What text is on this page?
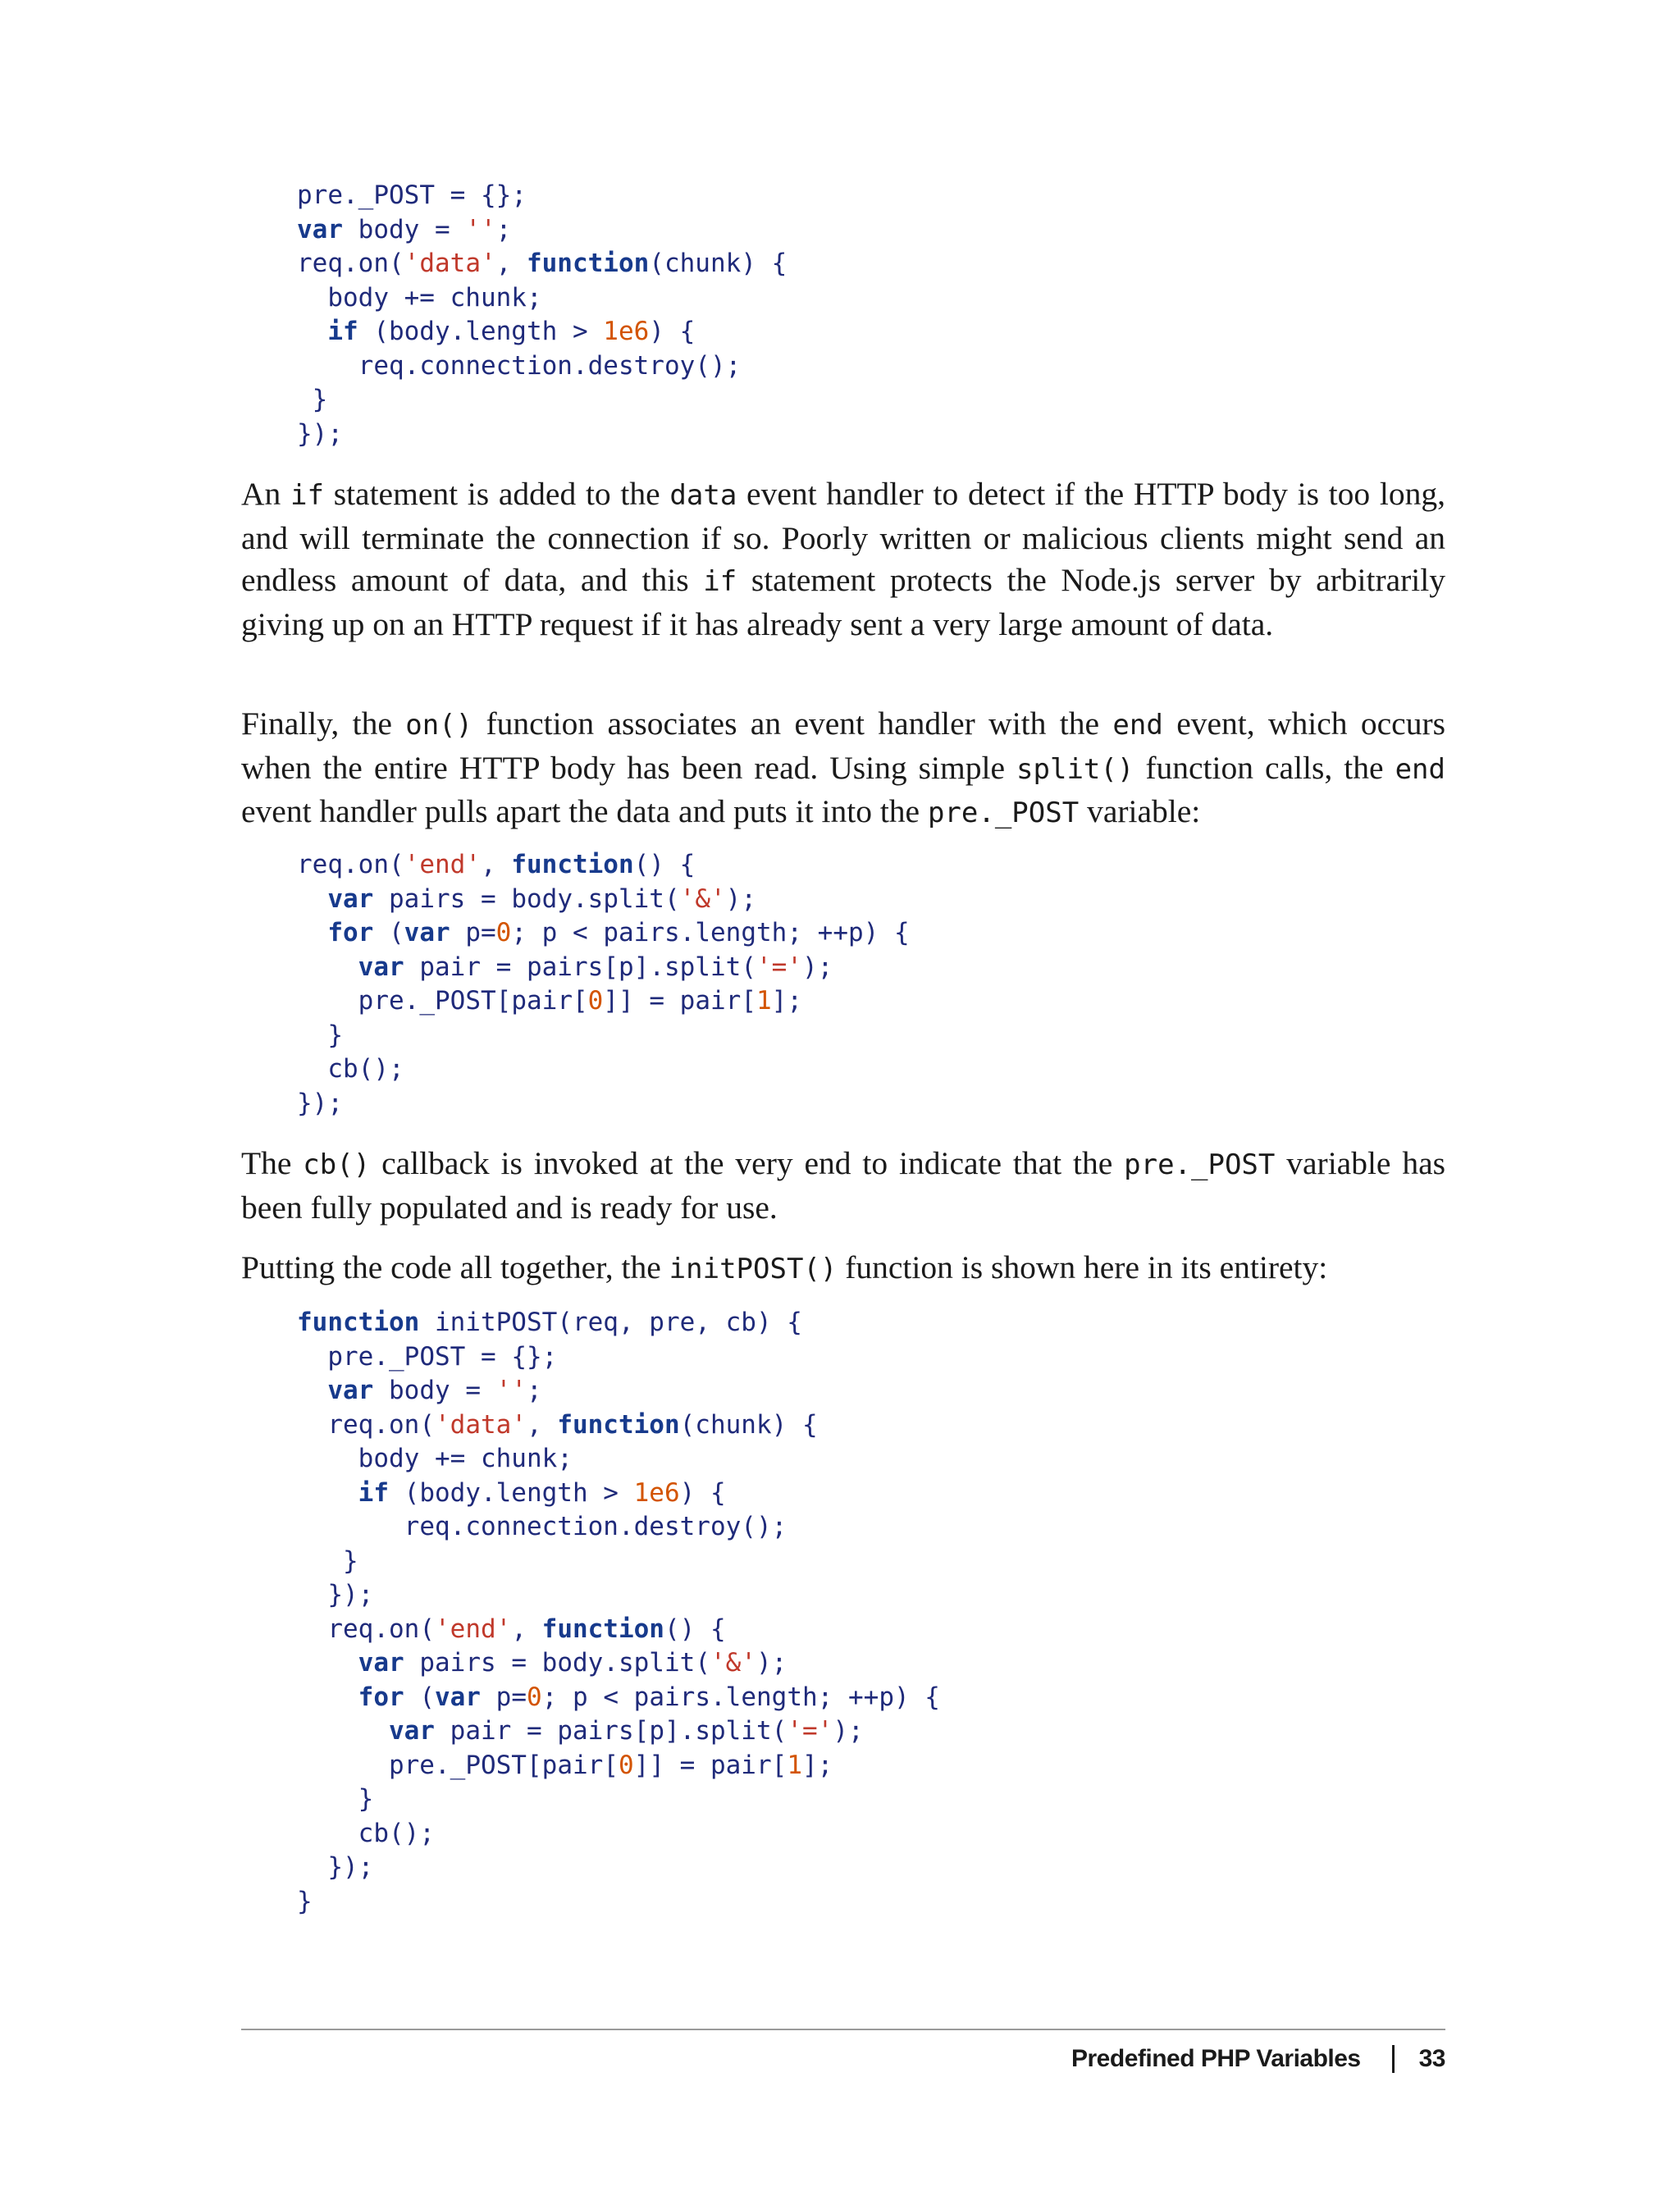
pre._POST = {};
var body = '';
req.on('data', function(chunk) {
body += chunk;
if (body.length > 1e6) {
req.connection.destroy();
}
});

An if statement is added to the data event handler to detect if the HTTP body is too long, and will terminate the connection if so. Poorly written or malicious clients might send an endless amount of data, and this if statement protects the Node.js server by arbitrarily giving up on an HTTP request if it has already sent a very large amount of data.

Finally, the on() function associates an event handler with the end event, which occurs when the entire HTTP body has been read. Using simple split() function calls, the end event handler pulls apart the data and puts it into the pre._POST variable:

req.on('end', function() {
var pairs = body.split('&');
for (var p=0; p < pairs.length; ++p) {
var pair = pairs[p].split('=');
pre._POST[pair[0]] = pair[1];
}
cb();
});

The cb() callback is invoked at the very end to indicate that the pre._POST variable has been fully populated and is ready for use.

Putting the code all together, the initPOST() function is shown here in its entirety:

function initPOST(req, pre, cb) {
pre._POST = {};
var body = '';
req.on('data', function(chunk) {
body += chunk;
if (body.length > 1e6) {
req.connection.destroy();
}
});
req.on('end', function() {
var pairs = body.split('&');
for (var p=0; p < pairs.length; ++p) {
var pair = pairs[p].split('=');
pre._POST[pair[0]] = pair[1];
}
cb();
});
}
Predefined PHP Variables 33
